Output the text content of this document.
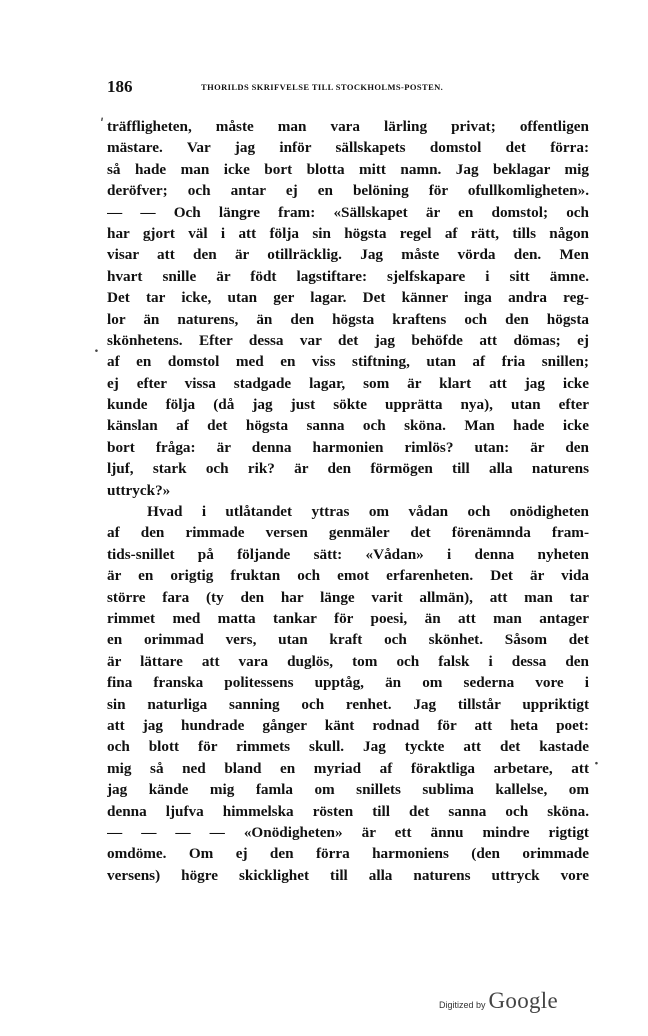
186	THORILDS SKRIFVELSE TILL STOCKHOLMS-POSTEN.
ʹ
.
·
träffligheten, måste man vara lärling privat; offentligen
mästare. Var jag inför sällskapets domstol det förra:
så hade man icke bort blotta mitt namn. Jag beklagar mig
deröfver; och antar ej en belöning för ofullkomligheten».
— — Och längre fram: «Sällskapet är en domstol; och
har gjort väl i att följa sin högsta regel af rätt, tills någon
visar att den är otillräcklig. Jag måste vörda den. Men
hvart snille är födt lagstiftare: sjelfskapare i sitt ämne.
Det tar icke, utan ger lagar. Det känner inga andra reg-
lor än naturens, än den högsta kraftens och den högsta
skönhetens. Efter dessa var det jag behöfde att dömas; ej
af en domstol med en viss stiftning, utan af fria snillen;
ej efter vissa stadgade lagar, som är klart att jag icke
kunde följa (då jag just sökte upprätta nya), utan efter
känslan af det högsta sanna och sköna. Man hade icke
bort fråga: är denna harmonien rimlös? utan: är den
ljuf, stark och rik? är den förmögen till alla naturens
uttryck?»
Hvad i utlåtandet yttras om vådan och onödigheten
af den rimmade versen genmäler det förenämnda fram-
tids-snillet på följande sätt: «Vådan» i denna nyheten
är en origtig fruktan och emot erfarenheten. Det är vida
större fara (ty den har länge varit allmän), att man tar
rimmet med matta tankar för poesi, än att man antager
en orimmad vers, utan kraft och skönhet. Såsom det
är lättare att vara duglös, tom och falsk i dessa den
fina franska politessens upptåg, än om sederna vore i
sin naturliga sanning och renhet. Jag tillstår uppriktigt
att jag hundrade gånger känt rodnad för att heta poet:
och blott för rimmets skull. Jag tyckte att det kastade
mig så ned bland en myriad af föraktliga arbetare, att
jag kände mig famla om snillets sublima kallelse, om
denna ljufva himmelska rösten till det sanna och sköna.
— — — — «Onödigheten» är ett ännu mindre rigtigt
omdöme. Om ej den förra harmoniens (den orimmade
versens) högre skicklighet till alla naturens uttryck vore
Digitized by Google
